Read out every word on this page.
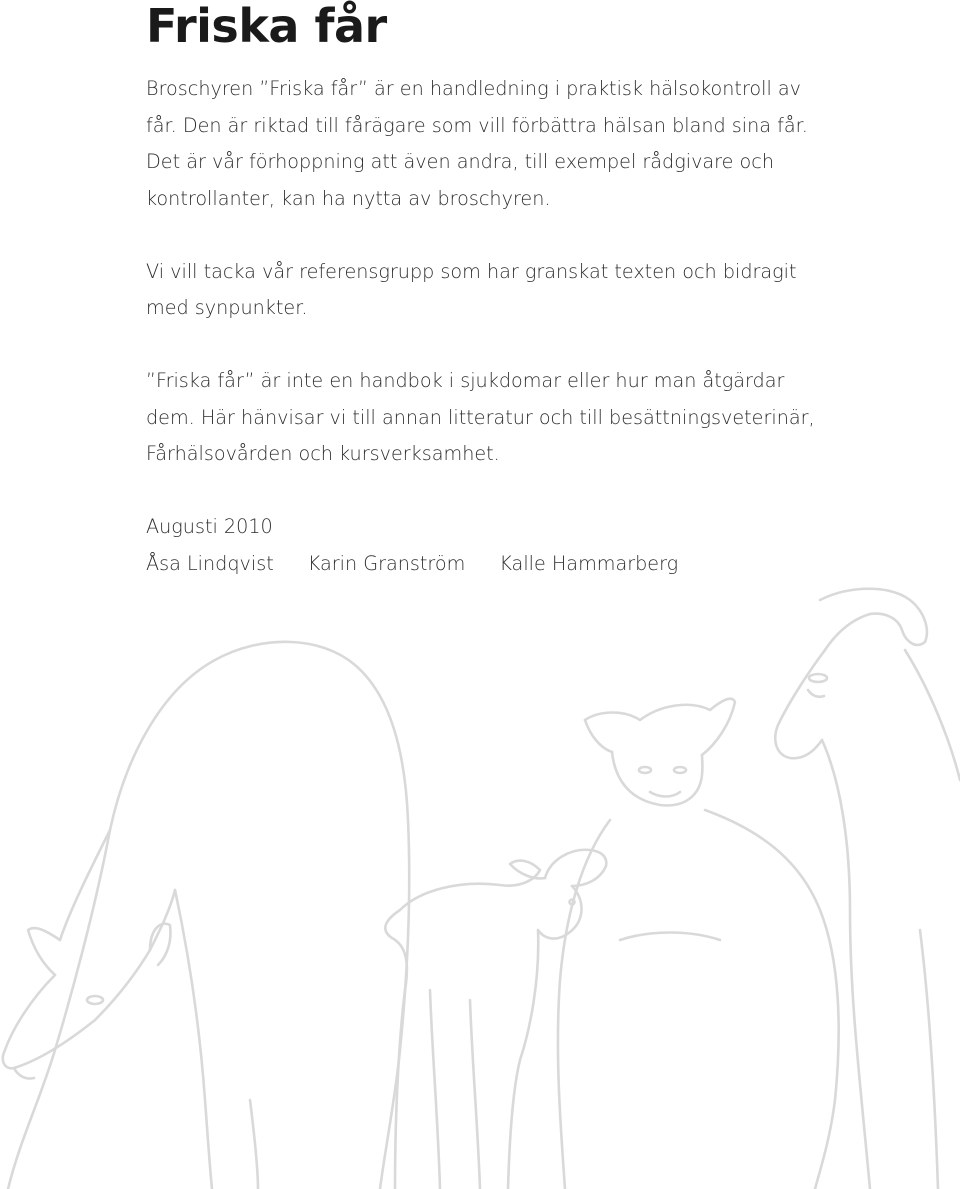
Friska får

Broschyren ”Friska får” är en handledning i praktisk hälsokontroll av
får. Den är riktad till fårägare som vill förbättra hälsan bland sina får.
Det är vår förhoppning att även andra, till exempel rådgivare och
kontrollanter, kan ha nytta av broschyren.

Vi vill tacka vår referensgrupp som har granskat texten och bidragit
med synpunkter.

”Friska får” är inte en handbok i sjukdomar eller hur man åtgärdar
dem. Här hänvisar vi till annan litteratur och till besättningsveterinär,
Fårhälsovården och kursverksamhet.

Augusti 2010
Åsa Lindqvist Karin Granström Kalle Hammarberg
